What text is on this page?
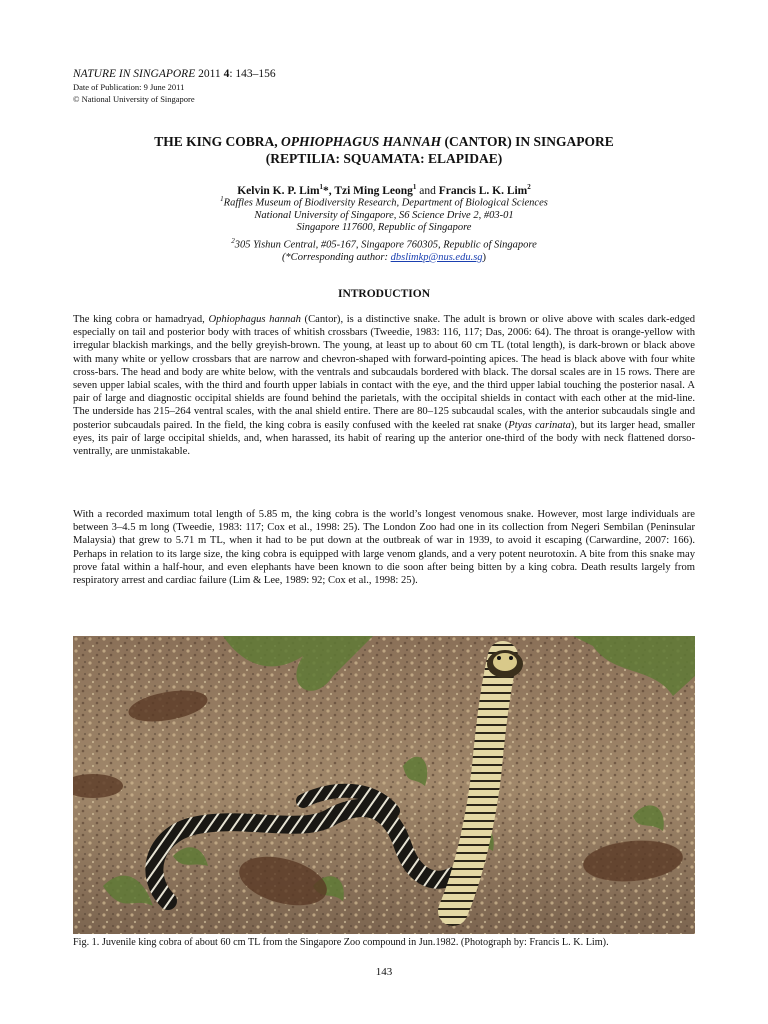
NATURE IN SINGAPORE 2011 4: 143–156
Date of Publication: 9 June 2011
© National University of Singapore
THE KING COBRA, OPHIOPHAGUS HANNAH (CANTOR) IN SINGAPORE
(REPTILIA: SQUAMATA: ELAPIDAE)
Kelvin K. P. Lim$^1$*, Tzi Ming Leong$^1$ and Francis L. K. Lim$^2$
$^1$Raffles Museum of Biodiversity Research, Department of Biological Sciences
National University of Singapore, S6 Science Drive 2, #03-01
Singapore 117600, Republic of Singapore
$^2$305 Yishun Central, #05-167, Singapore 760305, Republic of Singapore
(*Corresponding author: dbslimkp@nus.edu.sg)
INTRODUCTION
The king cobra or hamadryad, Ophiophagus hannah (Cantor), is a distinctive snake. The adult is brown or olive above with scales dark-edged especially on tail and posterior body with traces of whitish crossbars (Tweedie, 1983: 116, 117; Das, 2006: 64). The throat is orange-yellow with irregular blackish markings, and the belly greyish-brown. The young, at least up to about 60 cm TL (total length), is dark-brown or black above with many white or yellow crossbars that are narrow and chevron-shaped with forward-pointing apices. The head is black above with four white cross-bars. The head and body are white below, with the ventrals and subcaudals bordered with black. The dorsal scales are in 15 rows. There are seven upper labial scales, with the third and fourth upper labials in contact with the eye, and the third upper labial touching the posterior nasal. A pair of large and diagnostic occipital shields are found behind the parietals, with the occipital shields in contact with each other at the mid-line. The underside has 215–264 ventral scales, with the anal shield entire. There are 80–125 subcaudal scales, with the anterior subcaudals single and posterior subcaudals paired. In the field, the king cobra is easily confused with the keeled rat snake (Ptyas carinata), but its larger head, smaller eyes, its pair of large occipital shields, and, when harassed, its habit of rearing up the anterior one-third of the body with neck flattened dorso-ventrally, are unmistakable.
With a recorded maximum total length of 5.85 m, the king cobra is the world’s longest venomous snake. However, most large individuals are between 3–4.5 m long (Tweedie, 1983: 117; Cox et al., 1998: 25). The London Zoo had one in its collection from Negeri Sembilan (Peninsular Malaysia) that grew to 5.71 m TL, when it had to be put down at the outbreak of war in 1939, to avoid it escaping (Carwardine, 2007: 166). Perhaps in relation to its large size, the king cobra is equipped with large venom glands, and a very potent neurotoxin. A bite from this snake may prove fatal within a half-hour, and even elephants have been known to die soon after being bitten by a king cobra. Death results largely from respiratory arrest and cardiac failure (Lim & Lee, 1989: 92; Cox et al., 1998: 25).
Fig. 1. Juvenile king cobra of about 60 cm TL from the Singapore Zoo compound in Jun.1982. (Photograph by: Francis L. K. Lim).
143
